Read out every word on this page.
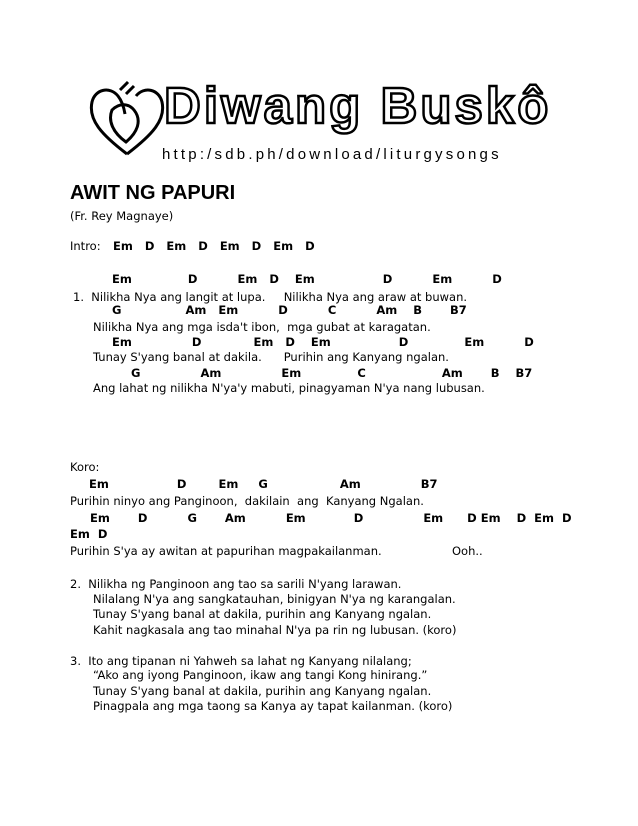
Diwang Buskô
http:/sdb.ph/download/liturgysongs
AWIT NG PAPURI
(Fr. Rey Magnaye)
Intro: Em   D   Em   D   Em   D   Em   D
Em              D          Em   D    Em                 D          Em          D
1.  Nilikha Nya ang langit at lupa.     Nilikha Nya ang araw at buwan.
G                Am   Em          D          C          Am    B       B7
Nilikha Nya ang mga isda't ibon,  mga gubat at karagatan.
Em               D             Em   D    Em                 D              Em          D
Tunay S'yang banal at dakila.      Purihin ang Kanyang ngalan.
G               Am               Em              C                   Am       B    B7
Ang lahat ng nilikha N'ya'y mabuti, pinagyaman N'ya nang lubusan.
Koro:
Em                 D        Em     G                  Am               B7
Purihin ninyo ang Panginoon,  dakilain  ang  Kanyang Ngalan.
Em       D          G       Am          Em            D               Em      D Em    D  Em  D
Em  D
Purihin S'ya ay awitan at papurihan magpakailanman.	Ooh..
2.  Nilikha ng Panginoon ang tao sa sarili N'yang larawan.
Nilalang N'ya ang sangkatauhan, binigyan N'ya ng karangalan.
Tunay S'yang banal at dakila, purihin ang Kanyang ngalan.
Kahit nagkasala ang tao minahal N'ya pa rin ng lubusan. (koro)
3.  Ito ang tipanan ni Yahweh sa lahat ng Kanyang nilalang;
“Ako ang iyong Panginoon, ikaw ang tangi Kong hinirang.”
Tunay S'yang banal at dakila, purihin ang Kanyang ngalan.
Pinagpala ang mga taong sa Kanya ay tapat kailanman. (koro)
